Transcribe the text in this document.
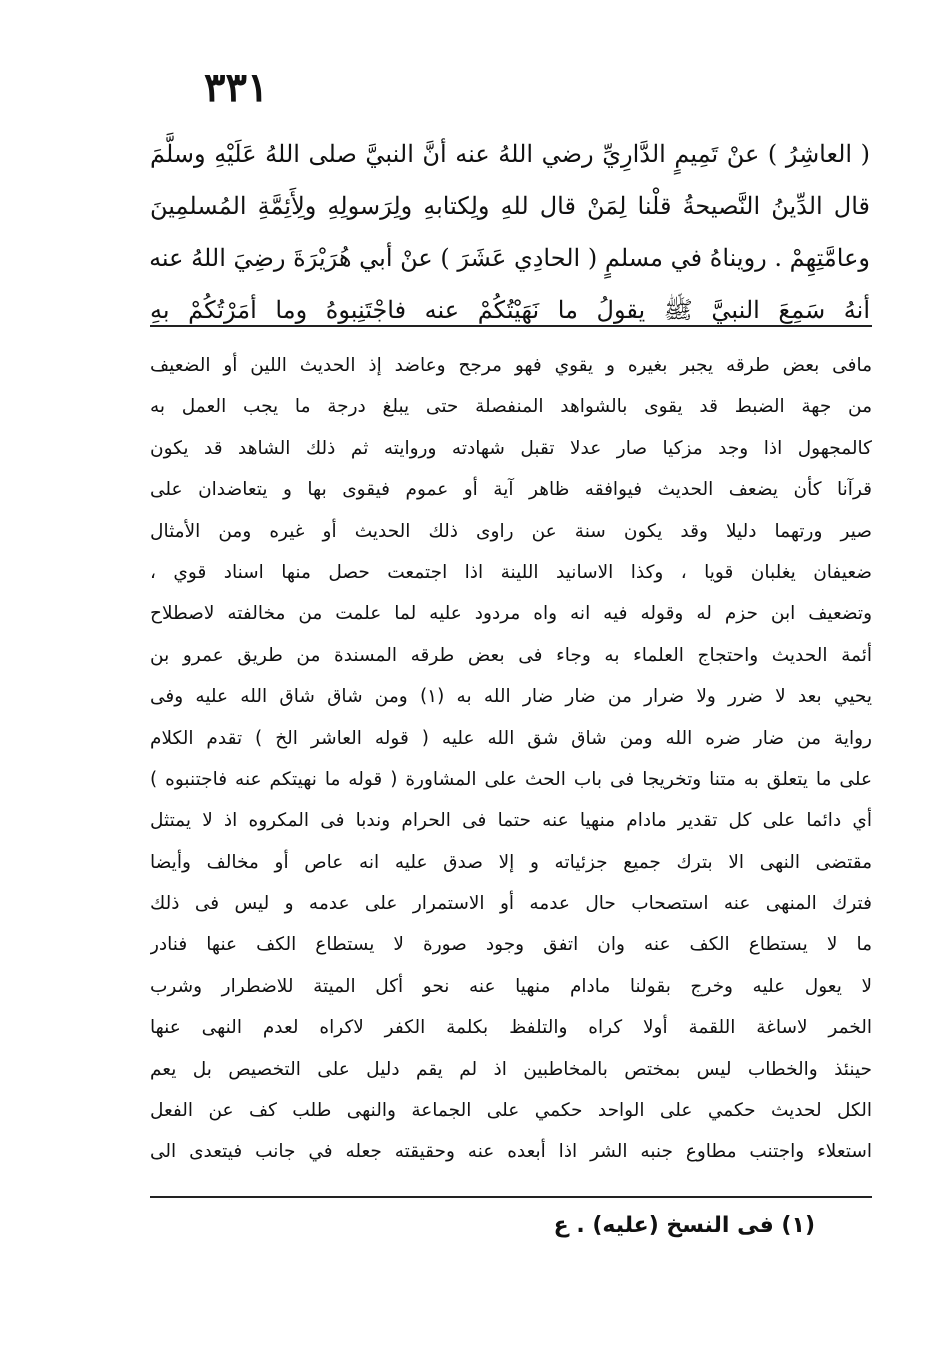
٣٣١
( العاشِرُ ) عنْ تَمِيمٍ الدَّارِيِّ رضي اللهُ عنه أنَّ النبيَّ صلى اللهُ عَلَيْهِ وسلَّمَ
قال الدِّينُ النَّصيحةُ قلْنا لِمَنْ قال للهِ ولِكتابهِ ولِرَسولِهِ ولِأَئِمَّةِ المُسلمِينَ
وعامَّتِهِمْ . رويناهُ في مسلمٍ ( الحادِي عَشَرَ ) عنْ أبي هُرَيْرَةَ رضِيَ اللهُ عنه
أنهُ سَمِعَ النبيَّ ﷺ يقولُ ما نَهَيْتُكُمْ عنه فاجْتَنِبوهُ وما أمَرْتُكُمْ بهِ
مافى بعض طرقه يجبر بغيره و يقوي فهو مرجح وعاضد إذ الحديث اللين أو الضعيف
من جهة الضبط قد يقوى بالشواهد المنفصلة حتى يبلغ درجة ما يجب العمل به
كالمجهول اذا وجد مزكيا صار عدلا تقبل شهادته وروايته ثم ذلك الشاهد قد يكون
قرآنا كأن يضعف الحديث فيوافقه ظاهر آية أو عموم فيقوى بها و يتعاضدان على
صير ورتهما دليلا وقد يكون سنة عن راوى ذلك الحديث أو غيره ومن الأمثال
ضعيفان يغلبان قويا ، وكذا الاسانيد اللينة اذا اجتمعت حصل منها اسناد قوي ،
وتضعيف ابن حزم له وقوله فيه انه واه مردود عليه لما علمت من مخالفته لاصطلاح
أئمة الحديث واحتجاج العلماء به وجاء فى بعض طرقه المسندة من طريق عمرو بن
يحيي بعد لا ضرر ولا ضرار من ضار ضار الله به (١) ومن شاق شاق الله عليه وفى
رواية من ضار ضره الله ومن شاق شق الله عليه ( قوله العاشر الخ ) تقدم الكلام
على ما يتعلق به متنا وتخريجا فى باب الحث على المشاورة ( قوله ما نهيتكم عنه فاجتنبوه )
أي دائما على كل تقدير مادام منهيا عنه حتما فى الحرام وندبا فى المكروه اذ لا يمتثل
مقتضى النهى الا بترك جميع جزئياته و إلا صدق عليه انه عاص أو مخالف وأيضا
فترك المنهى عنه استصحاب حال عدمه أو الاستمرار على عدمه و ليس فى ذلك
ما لا يستطاع الكف عنه وان اتفق وجود صورة لا يستطاع الكف عنها فنادر
لا يعول عليه وخرج بقولنا مادام منهيا عنه نحو أكل الميتة للاضطرار وشرب
الخمر لاساغة اللقمة أولا كراه والتلفظ بكلمة الكفر لاكراه لعدم النهى عنها
حينئذ والخطاب ليس بمختص بالمخاطبين اذ لم يقم دليل على التخصيص بل يعم
الكل لحديث حكمي على الواحد حكمي على الجماعة والنهى طلب كف عن الفعل
استعلاء واجتنب مطاوع جنبه الشر اذا أبعده عنه وحقيقته جعله في جانب فيتعدى الى
(١) فى النسخ (عليه) . ع
